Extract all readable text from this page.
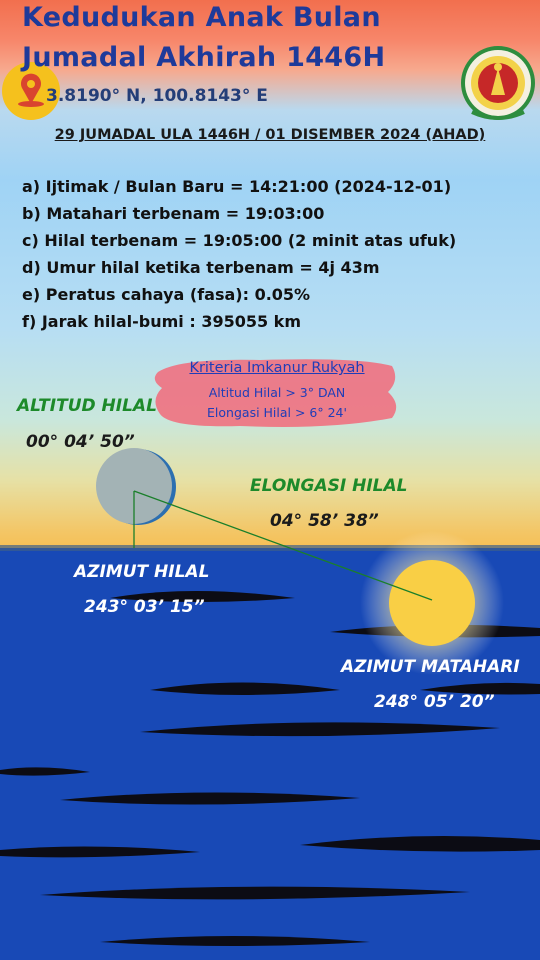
Kedudukan Anak Bulan
Jumadal Akhirah 1446H
3.8190° N, 100.8143° E
29 JUMADAL ULA 1446H / 01 DISEMBER 2024 (AHAD)
a) Ijtimak / Bulan Baru = 14:21:00 (2024-12-01)
b) Matahari terbenam = 19:03:00
c) Hilal terbenam = 19:05:00 (2 minit atas ufuk)
d) Umur hilal ketika terbenam = 4j 43m
e) Peratus cahaya (fasa): 0.05%
f) Jarak hilal-bumi : 395055 km
Kriteria Imkanur Rukyah
Altitud Hilal > 3° DAN
Elongasi Hilal > 6° 24'
ALTITUD HILAL
00° 04’ 50”
ELONGASI HILAL
04° 58’ 38”
AZIMUT HILAL
243° 03’ 15”
AZIMUT MATAHARI
248° 05’ 20”
